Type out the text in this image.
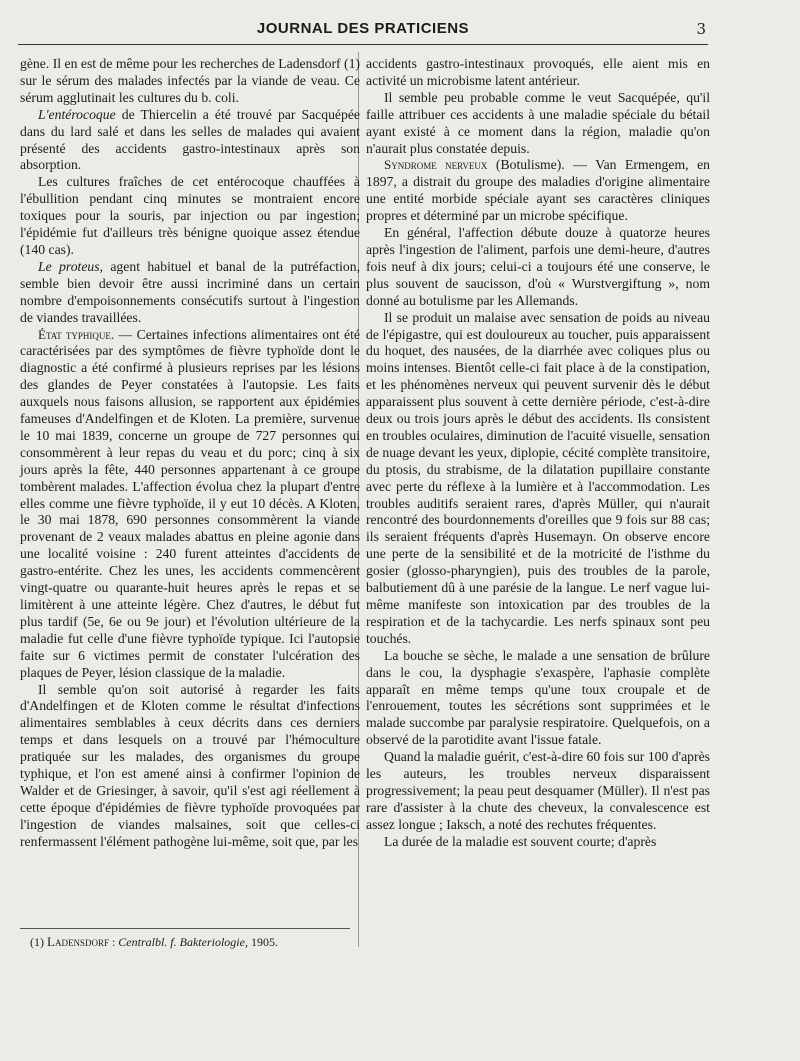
JOURNAL DES PRATICIENS	3

gène. Il en est de même pour les recherches de Ladensdorf (1) sur le sérum des malades infectés par la viande de veau. Ce sérum agglutinait les cultures du b. coli.

L'entérocoque de Thiercelin a été trouvé par Sacquépée dans du lard salé et dans les selles de malades qui avaient présenté des accidents gastro-intestinaux après son absorption.

Les cultures fraîches de cet entérocoque chauffées à l'ébullition pendant cinq minutes se montraient encore toxiques pour la souris, par injection ou par ingestion; l'épidémie fut d'ailleurs très bénigne quoique assez étendue (140 cas).

Le proteus, agent habituel et banal de la putréfaction, semble bien devoir être aussi incriminé dans un certain nombre d'empoisonnements consécutifs surtout à l'ingestion de viandes travaillées.

État typhique. — Certaines infections alimentaires ont été caractérisées par des symptômes de fièvre typhoïde dont le diagnostic a été confirmé à plusieurs reprises par les lésions des glandes de Peyer constatées à l'autopsie. Les faits auxquels nous faisons allusion, se rapportent aux épidémies fameuses d'Andelfingen et de Kloten. La première, survenue le 10 mai 1839, concerne un groupe de 727 personnes qui consommèrent à leur repas du veau et du porc; cinq à six jours après la fête, 440 personnes appartenant à ce groupe tombèrent malades. L'affection évolua chez la plupart d'entre elles comme une fièvre typhoïde, il y eut 10 décès. A Kloten, le 30 mai 1878, 690 personnes consommèrent la viande provenant de 2 veaux malades abattus en pleine agonie dans une localité voisine : 240 furent atteintes d'accidents de gastro-entérite. Chez les unes, les accidents commencèrent vingt-quatre ou quarante-huit heures après le repas et se limitèrent à une atteinte légère. Chez d'autres, le début fut plus tardif (5e, 6e ou 9e jour) et l'évolution ultérieure de la maladie fut celle d'une fièvre typhoïde typique. Ici l'autopsie faite sur 6 victimes permit de constater l'ulcération des plaques de Peyer, lésion classique de la maladie.

Il semble qu'on soit autorisé à regarder les faits d'Andelfingen et de Kloten comme le résultat d'infections alimentaires semblables à ceux décrits dans ces derniers temps et dans lesquels on a trouvé par l'hémoculture pratiquée sur les malades, des organismes du groupe typhique, et l'on est amené ainsi à confirmer l'opinion de Walder et de Griesinger, à savoir, qu'il s'est agi réellement à cette époque d'épidémies de fièvre typhoïde provoquées par l'ingestion de viandes malsaines, soit que celles-ci renfermassent l'élément pathogène lui-même, soit que, par les

accidents gastro-intestinaux provoqués, elle aient mis en activité un microbisme latent antérieur.

Il semble peu probable comme le veut Sacquépée, qu'il faille attribuer ces accidents à une maladie spéciale du bétail ayant existé à ce moment dans la région, maladie qu'on n'aurait plus constatée depuis.

Syndrome nerveux (Botulisme). — Van Ermengem, en 1897, a distrait du groupe des maladies d'origine alimentaire une entité morbide spéciale ayant ses caractères cliniques propres et déterminé par un microbe spécifique.

En général, l'affection débute douze à quatorze heures après l'ingestion de l'aliment, parfois une demi-heure, d'autres fois neuf à dix jours; celui-ci a toujours été une conserve, le plus souvent de saucisson, d'où « Wurstvergiftung », nom donné au botulisme par les Allemands.

Il se produit un malaise avec sensation de poids au niveau de l'épigastre, qui est douloureux au toucher, puis apparaissent du hoquet, des nausées, de la diarrhée avec coliques plus ou moins intenses. Bientôt celle-ci fait place à de la constipation, et les phénomènes nerveux qui peuvent survenir dès le début apparaissent plus souvent à cette dernière période, c'est-à-dire deux ou trois jours après le début des accidents. Ils consistent en troubles oculaires, diminution de l'acuité visuelle, sensation de nuage devant les yeux, diplopie, cécité complète transitoire, du ptosis, du strabisme, de la dilatation pupillaire constante avec perte du réflexe à la lumière et à l'accommodation. Les troubles auditifs seraient rares, d'après Müller, qui n'aurait rencontré des bourdonnements d'oreilles que 9 fois sur 88 cas; ils seraient fréquents d'après Husemayn. On observe encore une perte de la sensibilité et de la motricité de l'isthme du gosier (glosso-pharyngien), puis des troubles de la parole, balbutiement dû à une parésie de la langue. Le nerf vague lui-même manifeste son intoxication par des troubles de la respiration et de la tachycardie. Les nerfs spinaux sont peu touchés.

La bouche se sèche, le malade a une sensation de brûlure dans le cou, la dysphagie s'exaspère, l'aphasie complète apparaît en même temps qu'une toux croupale et de l'enrouement, toutes les sécrétions sont supprimées et le malade succombe par paralysie respiratoire. Quelquefois, on a observé de la parotidite avant l'issue fatale.

Quand la maladie guérit, c'est-à-dire 60 fois sur 100 d'après les auteurs, les troubles nerveux disparaissent progressivement; la peau peut desquamer (Müller). Il n'est pas rare d'assister à la chute des cheveux, la convalescence est assez longue ; Iaksch, a noté des rechutes fréquentes.

La durée de la maladie est souvent courte; d'après

(1) Ladensdorf : Centralbl. f. Bakteriologie, 1905.
